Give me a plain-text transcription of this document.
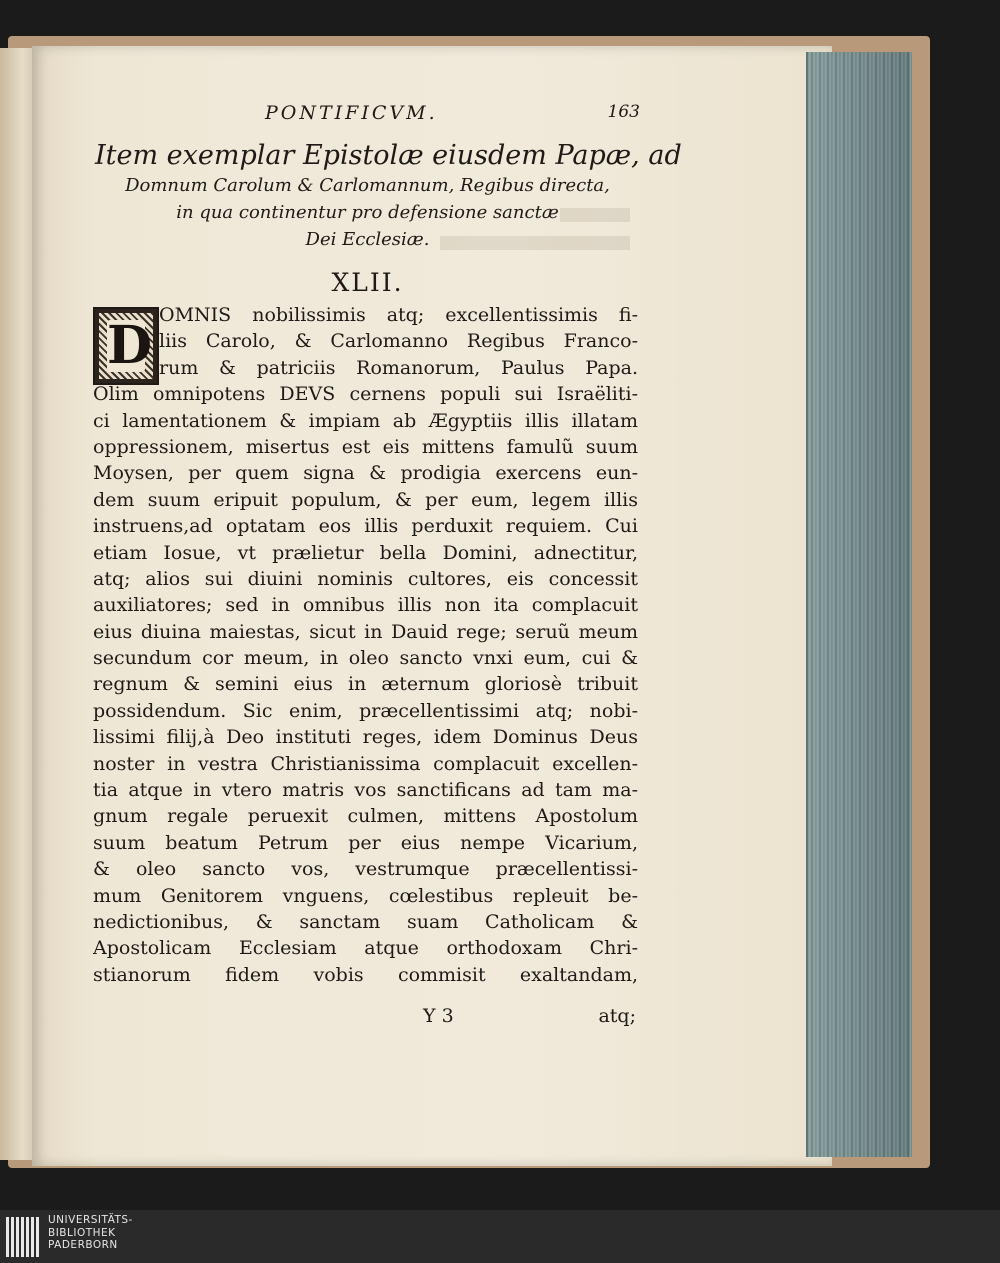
PONTIFICVM.	163
Item exemplar Epistolæ eiusdem Papæ, ad
Domnum Carolum & Carlomannum, Regibus directa,
in qua continentur pro defensione sanctæ
Dei Ecclesiæ.
XLII.
D OMNIS nobilissimis atq; excellentissimis fi-
liis Carolo, & Carlomanno Regibus Franco-
rum & patriciis Romanorum, Paulus Papa.
Olim omnipotens DEVS cernens populi sui Israëliti-
ci lamentationem & impiam ab Ægyptiis illis illatam
oppressionem, misertus est eis mittens famulũ suum
Moysen, per quem signa & prodigia exercens eun-
dem suum eripuit populum, & per eum, legem illis
instruens,ad optatam eos illis perduxit requiem. Cui
etiam Iosue, vt prælietur bella Domini, adnectitur,
atq; alios sui diuini nominis cultores, eis concessit
auxiliatores; sed in omnibus illis non ita complacuit
eius diuina maiestas, sicut in Dauid rege; seruũ meum
secundum cor meum, in oleo sancto vnxi eum, cui &
regnum & semini eius in æternum gloriosè tribuit
possidendum. Sic enim, præcellentissimi atq; nobi-
lissimi filij,à Deo instituti reges, idem Dominus Deus
noster in vestra Christianissima complacuit excellen-
tia atque in vtero matris vos sanctificans ad tam ma-
gnum regale peruexit culmen, mittens Apostolum
suum beatum Petrum per eius nempe Vicarium,
& oleo sancto vos, vestrumque præcellentissi-
mum Genitorem vnguens, cœlestibus repleuit be-
nedictionibus, & sanctam suam Catholicam &
Apostolicam Ecclesiam atque orthodoxam Chri-
stianorum fidem vobis commisit exaltandam,
Y 3	atq;
UNIVERSITÄTS-
BIBLIOTHEK
PADERBORN
